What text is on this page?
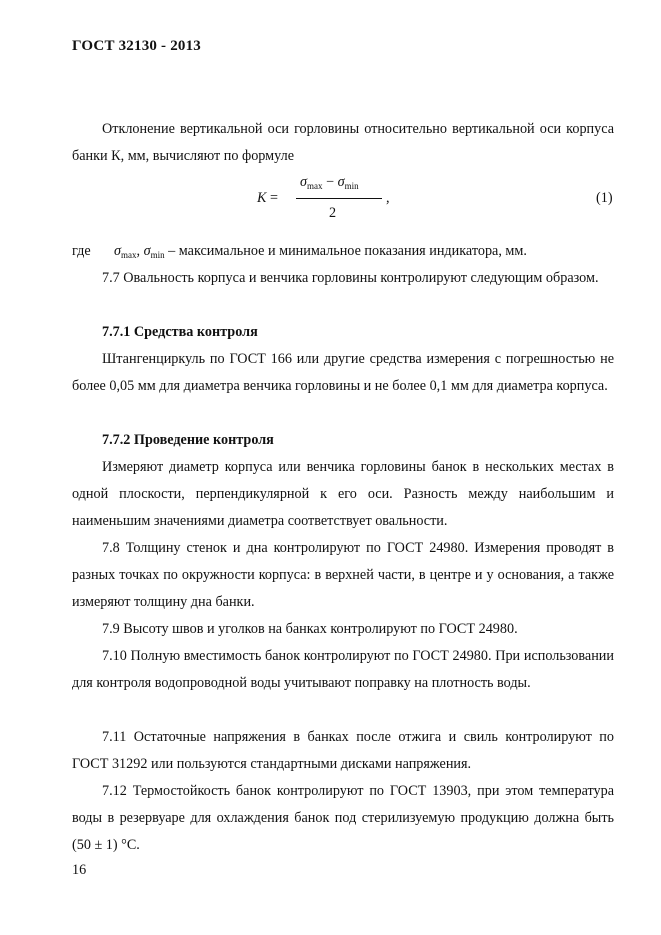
ГОСТ 32130 - 2013

Отклонение вертикальной оси горловины относительно вертикальной оси корпуса банки К, мм, вычисляют по формуле

K =
$\sigma_{max} - \sigma_{min}$
2
,	(1)
где $\sigma_{max}$, $\sigma_{min}$ – максимальное и минимальное показания индикатора, мм.

7.7 Овальность корпуса и венчика горловины контролируют следующим образом.

7.7.1 Средства контроля

Штангенциркуль по ГОСТ 166 или другие средства измерения с погрешностью не более 0,05 мм для диаметра венчика горловины и не более 0,1 мм для диаметра корпуса.

7.7.2 Проведение контроля

Измеряют диаметр корпуса или венчика горловины банок в нескольких местах в одной плоскости, перпендикулярной к его оси. Разность между наибольшим и наименьшим значениями диаметра соответствует овальности.

7.8 Толщину стенок и дна контролируют по ГОСТ 24980. Измерения проводят в разных точках по окружности корпуса: в верхней части, в центре и у основания, а также измеряют толщину дна банки.

7.9 Высоту швов и уголков на банках контролируют по ГОСТ 24980.

7.10 Полную вместимость банок контролируют по ГОСТ 24980. При использовании для контроля водопроводной воды учитывают поправку на плотность воды.

7.11 Остаточные напряжения в банках после отжига и свиль контролируют по ГОСТ 31292 или пользуются стандартными дисками напряжения.

7.12 Термостойкость банок контролируют по ГОСТ 13903, при этом температура воды в резервуаре для охлаждения банок под стерилизуемую продукцию должна быть (50 ± 1) °С.

16
